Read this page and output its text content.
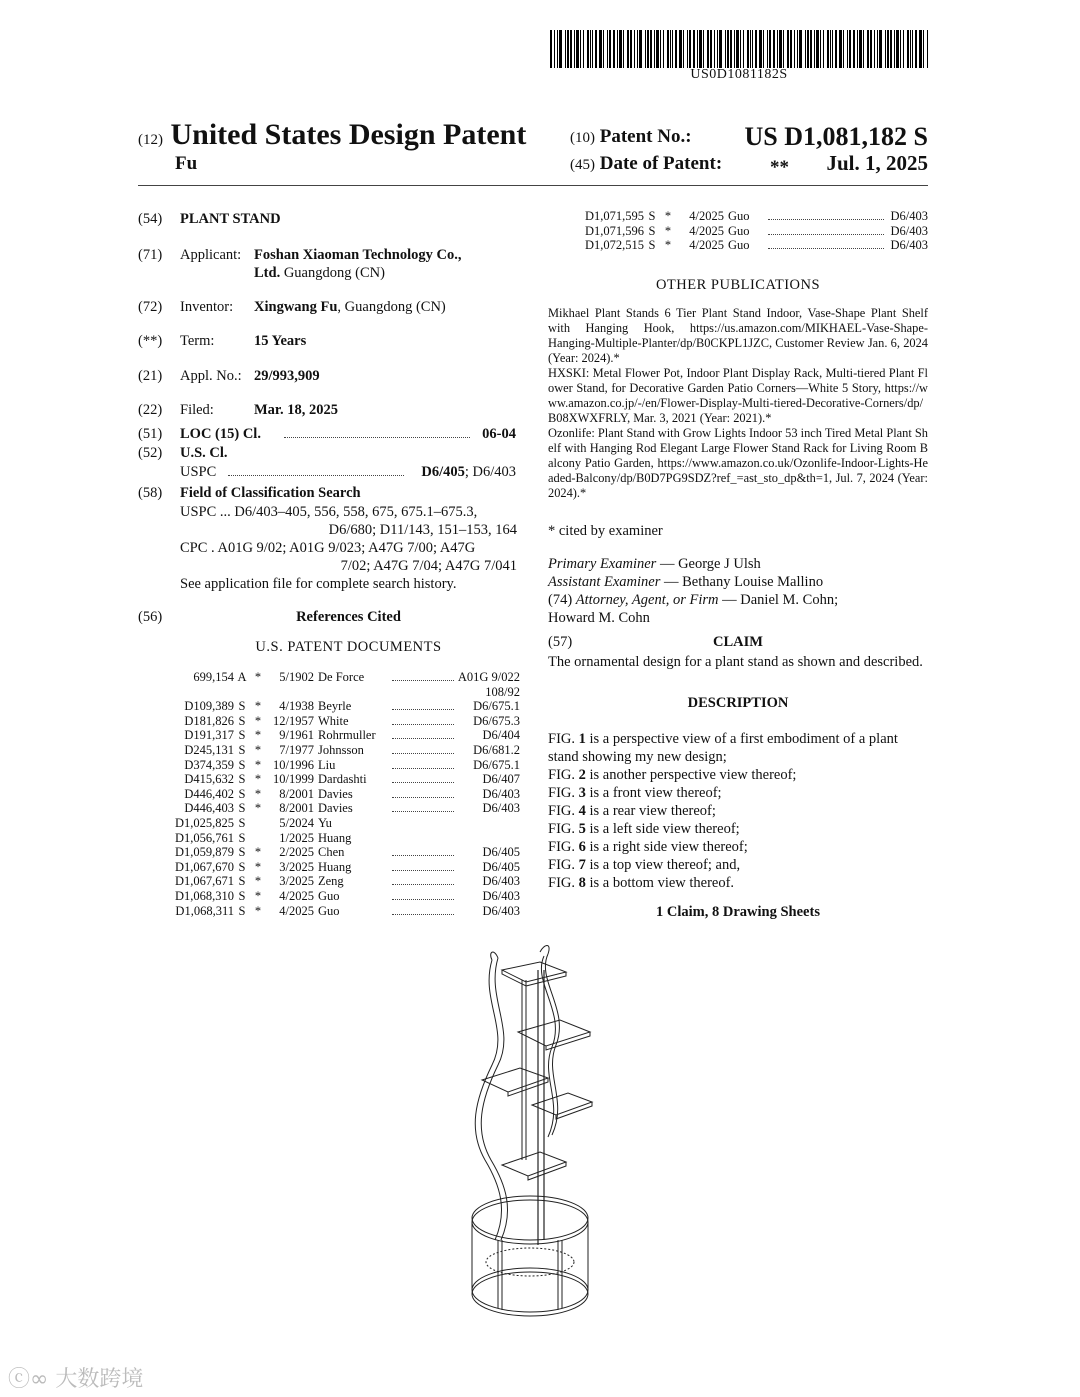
US0D1081182S
(12) United States Design Patent
Fu
(10) Patent No.: US D1,081,182 S
(45) Date of Patent:	** Jul. 1, 2025
(54) PLANT STAND
(71) Applicant: Foshan Xiaoman Technology Co.,
Ltd. Guangdong (CN)
(72) Inventor: Xingwang Fu, Guangdong (CN)
(**) Term:	15 Years
(21) Appl. No.: 29/993,909
(22) Filed:	Mar. 18, 2025
(51) LOC (15) Cl.	06-04
(52) U.S. Cl.
USPC	D6/405; D6/403
(58) Field of Classification Search
USPC ... D6/403–405, 556, 558, 675, 675.1–675.3,
D6/680; D11/143, 151–153, 164
CPC . A01G 9/02; A01G 9/023; A47G 7/00; A47G
7/02; A47G 7/04; A47G 7/041
See application file for complete search history.
(56)	References Cited
U.S. PATENT DOCUMENTS
699,154	A	*	5/1902	De Force		A01G 9/022
						108/92
D109,389	S	*	4/1938	Beyrle		D6/675.1
D181,826	S	*	12/1957	White		D6/675.3
D191,317	S	*	9/1961	Rohrmuller		D6/404
D245,131	S	*	7/1977	Johnsson		D6/681.2
D374,359	S	*	10/1996	Liu		D6/675.1
D415,632	S	*	10/1999	Dardashti		D6/407
D446,402	S	*	8/2001	Davies		D6/403
D446,403	S	*	8/2001	Davies		D6/403
D1,025,825	S		5/2024	Yu		
D1,056,761	S		1/2025	Huang		
D1,059,879	S	*	2/2025	Chen		D6/405
D1,067,670	S	*	3/2025	Huang		D6/405
D1,067,671	S	*	3/2025	Zeng		D6/403
D1,068,310	S	*	4/2025	Guo		D6/403
D1,068,311	S	*	4/2025	Guo		D6/403
D1,071,595	S	*	4/2025	Guo		D6/403
D1,071,596	S	*	4/2025	Guo		D6/403
D1,072,515	S	*	4/2025	Guo		D6/403
OTHER PUBLICATIONS
Mikhael Plant Stands 6 Tier Plant Stand Indoor, Vase-Shape Plant Shelf with Hanging Hook, https://us.amazon.com/MIKHAEL-Vase-Shape-Hanging-Multiple-Planter/dp/B0CKPL1JZC, Customer Review Jan. 6, 2024 (Year: 2024).*
HXSKI: Metal Flower Pot, Indoor Plant Display Rack, Multi-tiered Plant Flower Stand, for Decorative Garden Patio Corners—White 5 Story, https://www.amazon.co.jp/-/en/Flower-Display-Multi-tiered-Decorative-Corners/dp/B08XWXFRLY, Mar. 3, 2021 (Year: 2021).*
Ozonlife: Plant Stand with Grow Lights Indoor 53 inch Tired Metal Plant Shelf with Hanging Rod Elegant Large Flower Stand Rack for Living Room Balcony Patio Garden, https://www.amazon.co.uk/Ozonlife-Indoor-Lights-Headed-Balcony/dp/B0D7PG9SDZ?ref_=ast_sto_dp&th=1, Jul. 7, 2024 (Year: 2024).*
* cited by examiner
Primary Examiner — George J Ulsh
Assistant Examiner — Bethany Louise Mallino
(74) Attorney, Agent, or Firm — Daniel M. Cohn;
Howard M. Cohn
(57)	CLAIM
The ornamental design for a plant stand as shown and described.
DESCRIPTION
FIG. 1 is a perspective view of a first embodiment of a plant stand showing my new design;
FIG. 2 is another perspective view thereof;
FIG. 3 is a front view thereof;
FIG. 4 is a rear view thereof;
FIG. 5 is a left side view thereof;
FIG. 6 is a right side view thereof;
FIG. 7 is a top view thereof; and,
FIG. 8 is a bottom view thereof.
1 Claim, 8 Drawing Sheets
ⓒ∞ 大数跨境
